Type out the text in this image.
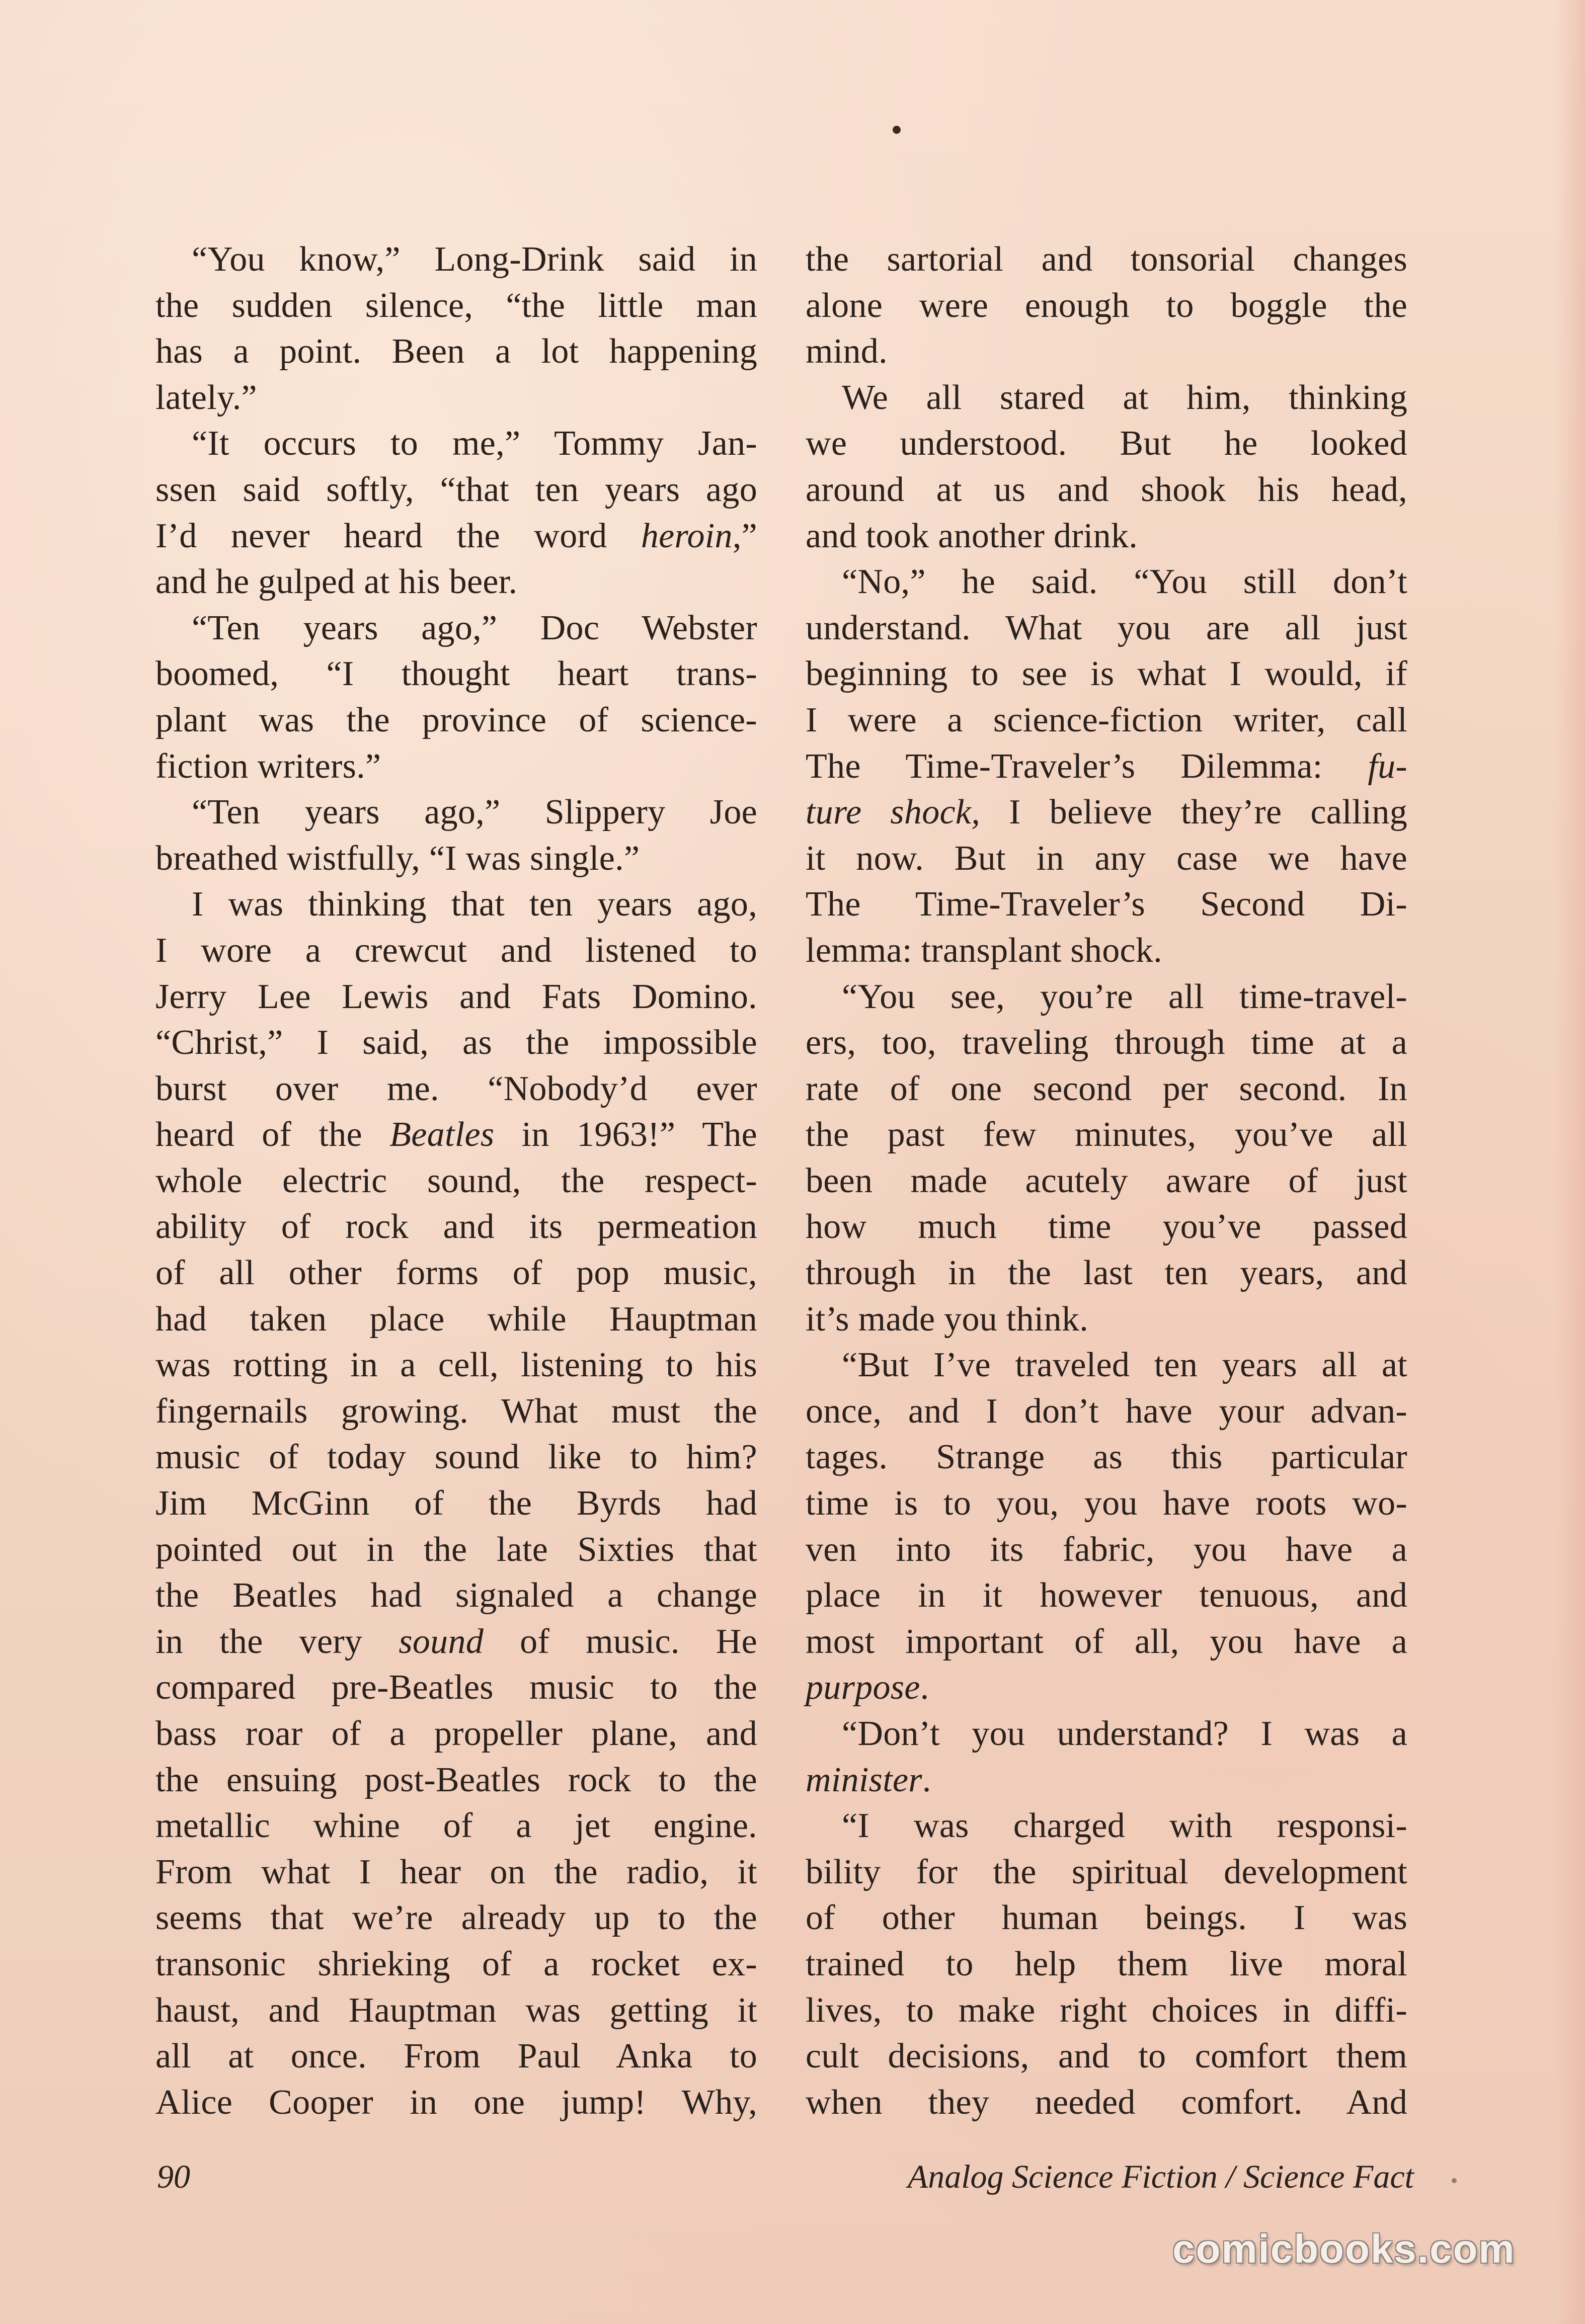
“You know,” Long-Drink said in
the sudden silence, “the little man
has a point. Been a lot happening
lately.”
“It occurs to me,” Tommy Jan-
ssen said softly, “that ten years ago
I’d never heard the word heroin,”
and he gulped at his beer.
“Ten years ago,” Doc Webster
boomed, “I thought heart trans-
plant was the province of science-
fiction writers.”
“Ten years ago,” Slippery Joe
breathed wistfully, “I was single.”
I was thinking that ten years ago,
I wore a crewcut and listened to
Jerry Lee Lewis and Fats Domino.
“Christ,” I said, as the impossible
burst over me. “Nobody’d ever
heard of the Beatles in 1963!” The
whole electric sound, the respect-
ability of rock and its permeation
of all other forms of pop music,
had taken place while Hauptman
was rotting in a cell, listening to his
fingernails growing. What must the
music of today sound like to him?
Jim McGinn of the Byrds had
pointed out in the late Sixties that
the Beatles had signaled a change
in the very sound of music. He
compared pre-Beatles music to the
bass roar of a propeller plane, and
the ensuing post-Beatles rock to the
metallic whine of a jet engine.
From what I hear on the radio, it
seems that we’re already up to the
transonic shrieking of a rocket ex-
haust, and Hauptman was getting it
all at once. From Paul Anka to
Alice Cooper in one jump! Why,
the sartorial and tonsorial changes
alone were enough to boggle the
mind.
We all stared at him, thinking
we understood. But he looked
around at us and shook his head,
and took another drink.
“No,” he said. “You still don’t
understand. What you are all just
beginning to see is what I would, if
I were a science-fiction writer, call
The Time-Traveler’s Dilemma: fu-
ture shock, I believe they’re calling
it now. But in any case we have
The Time-Traveler’s Second Di-
lemma: transplant shock.
“You see, you’re all time-travel-
ers, too, traveling through time at a
rate of one second per second. In
the past few minutes, you’ve all
been made acutely aware of just
how much time you’ve passed
through in the last ten years, and
it’s made you think.
“But I’ve traveled ten years all at
once, and I don’t have your advan-
tages. Strange as this particular
time is to you, you have roots wo-
ven into its fabric, you have a
place in it however tenuous, and
most important of all, you have a
purpose.
“Don’t you understand? I was a
minister.
“I was charged with responsi-
bility for the spiritual development
of other human beings. I was
trained to help them live moral
lives, to make right choices in diffi-
cult decisions, and to comfort them
when they needed comfort. And
90	Analog Science Fiction / Science Fact
comicbooks.com
